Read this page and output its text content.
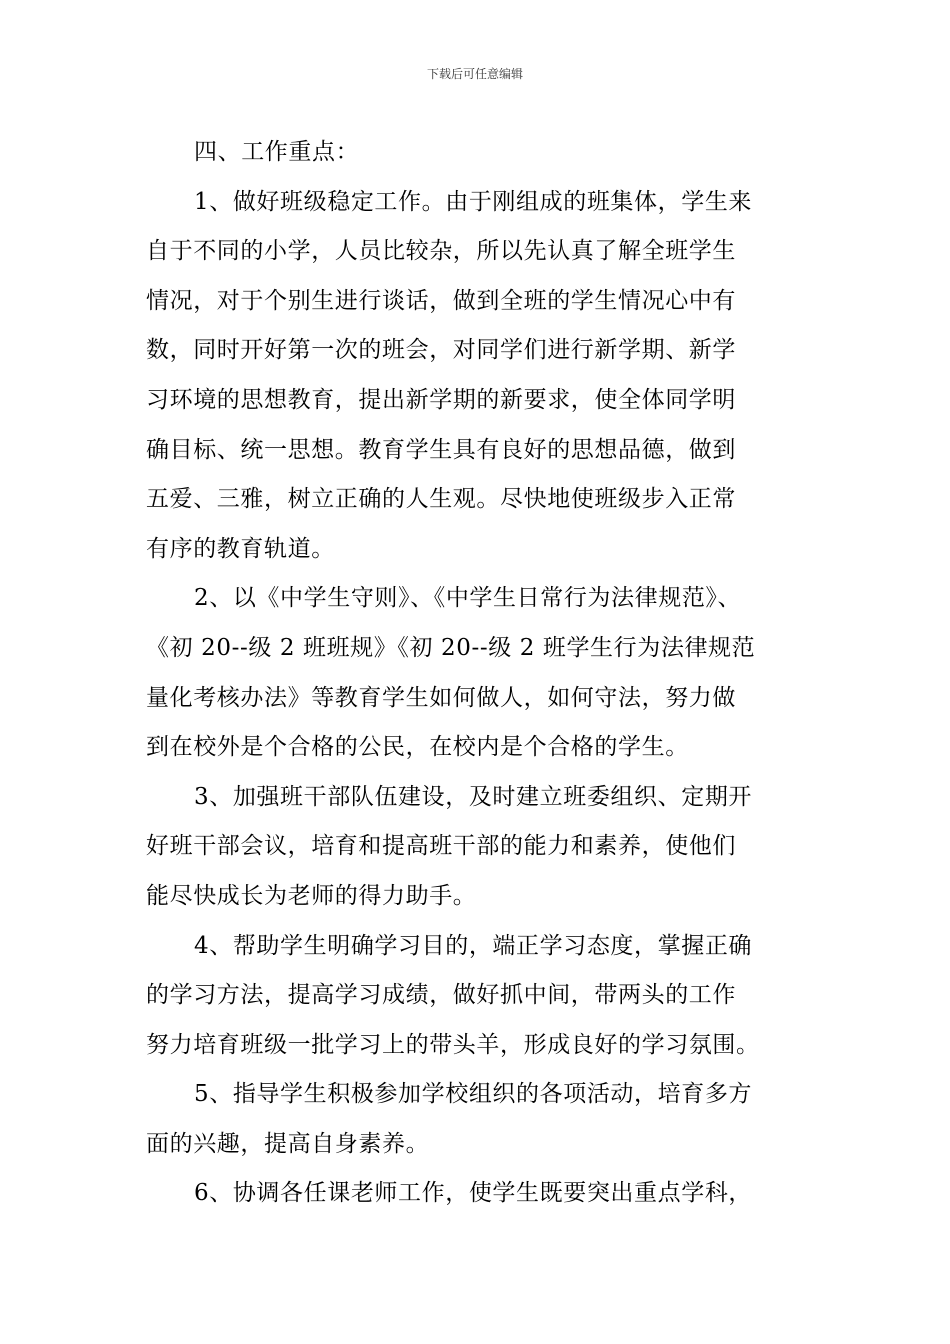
下载后可任意编辑
四、工作重点：
1、做好班级稳定工作。由于刚组成的班集体，学生来
自于不同的小学，人员比较杂，所以先认真了解全班学生
情况，对于个别生进行谈话，做到全班的学生情况心中有
数，同时开好第一次的班会，对同学们进行新学期、新学
习环境的思想教育，提出新学期的新要求，使全体同学明
确目标、统一思想。教育学生具有良好的思想品德，做到
五爱、三雅，树立正确的人生观。尽快地使班级步入正常
有序的教育轨道。
2、以《中学生守则》、《中学生日常行为法律规范》、
《初 20--级 2 班班规》《初 20--级 2 班学生行为法律规范
量化考核办法》等教育学生如何做人，如何守法，努力做
到在校外是个合格的公民，在校内是个合格的学生。
3、加强班干部队伍建设，及时建立班委组织、定期开
好班干部会议，培育和提高班干部的能力和素养，使他们
能尽快成长为老师的得力助手。
4、帮助学生明确学习目的，端正学习态度，掌握正确
的学习方法，提高学习成绩，做好抓中间，带两头的工作
努力培育班级一批学习上的带头羊，形成良好的学习氛围。
5、指导学生积极参加学校组织的各项活动，培育多方
面的兴趣，提高自身素养。
6、协调各任课老师工作，使学生既要突出重点学科，
